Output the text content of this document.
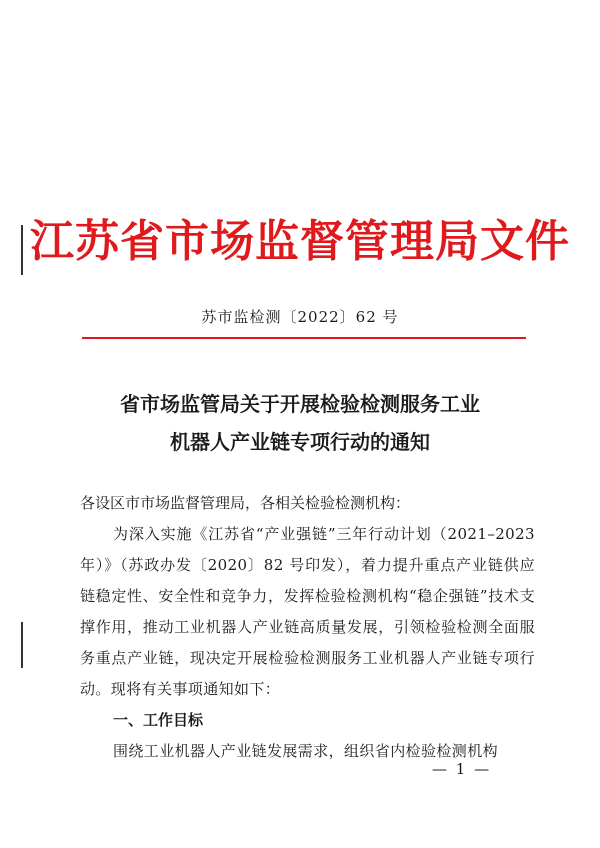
江苏省市场监督管理局文件
苏市监检测〔2022〕62 号
省市场监管局关于开展检验检测服务工业
机器人产业链专项行动的通知

各设区市市场监督管理局，各相关检验检测机构：

为深入实施《江苏省“产业强链”三年行动计划（2021–2023年）》（苏政办发〔2020〕82 号印发），着力提升重点产业链供应链稳定性、安全性和竞争力，发挥检验检测机构“稳企强链”技术支撑作用，推动工业机器人产业链高质量发展，引领检验检测全面服务重点产业链，现决定开展检验检测服务工业机器人产业链专项行动。现将有关事项通知如下：

一、工作目标

围绕工业机器人产业链发展需求，组织省内检验检测机构

— 1 —
